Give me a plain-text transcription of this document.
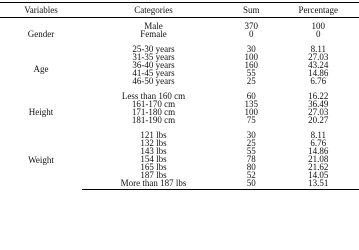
Variables	Categories	Sum	Percentage
Gender	Male	370	100
	Female	0	0
Age	25-30 years	30	8.11
	31-35 years	100	27.03
	36-40 years	160	43.24
	41-45 years	55	14.86
	46-50 years	25	6.76
Height	Less than 160 cm	60	16.22
	161-170 cm	135	36.49
	171-180 cm	100	27.03
	181-190 cm	75	20.27
Weight	121 lbs	30	8.11
	132 lbs	25	6.76
	143 lbs	55	14.86
	154 lbs	78	21.08
	165 lbs	80	21.62
	187 lbs	52	14.05
	More than 187 lbs	50	13.51
